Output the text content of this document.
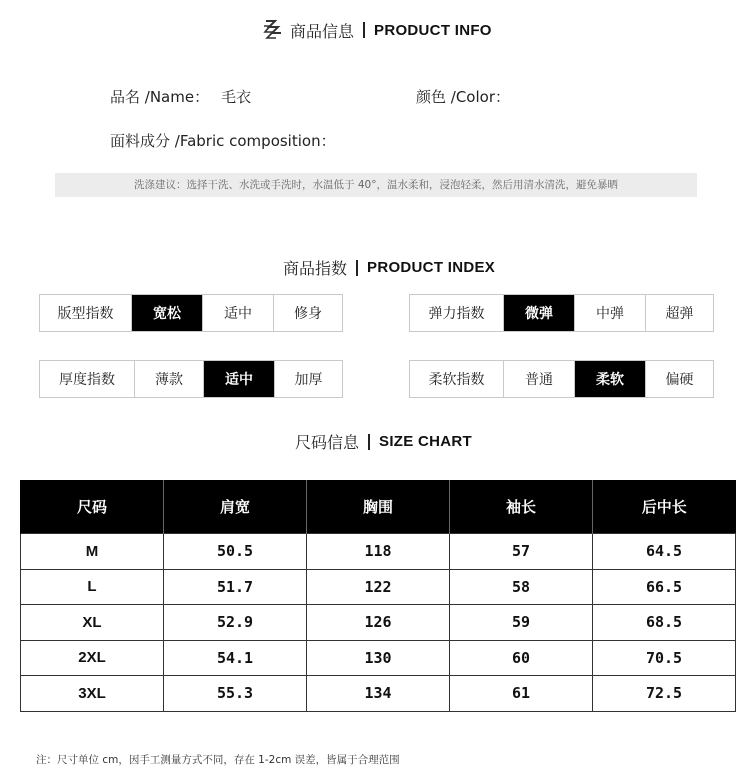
商品信息 PRODUCT INFO
品名 /Name： 毛衣	颜色 /Color：
面料成分 /Fabric composition：
洗涤建议：选择干洗、水洗或手洗时，水温低于 40°，温水柔和，浸泡轻柔，然后用清水清洗，避免暴晒
商品指数 PRODUCT INDEX
版型指数	宽松	适中	修身	弹力指数	微弹	中弹	超弹
厚度指数	薄款	适中	加厚	柔软指数	普通	柔软	偏硬
尺码信息 SIZE CHART
尺码	肩宽	胸围	袖长	后中长
M	50.5	118	57	64.5
L	51.7	122	58	66.5
XL	52.9	126	59	68.5
2XL	54.1	130	60	70.5
3XL	55.3	134	61	72.5
注：尺寸单位 cm，因手工测量方式不同，存在 1-2cm 误差，皆属于合理范围
